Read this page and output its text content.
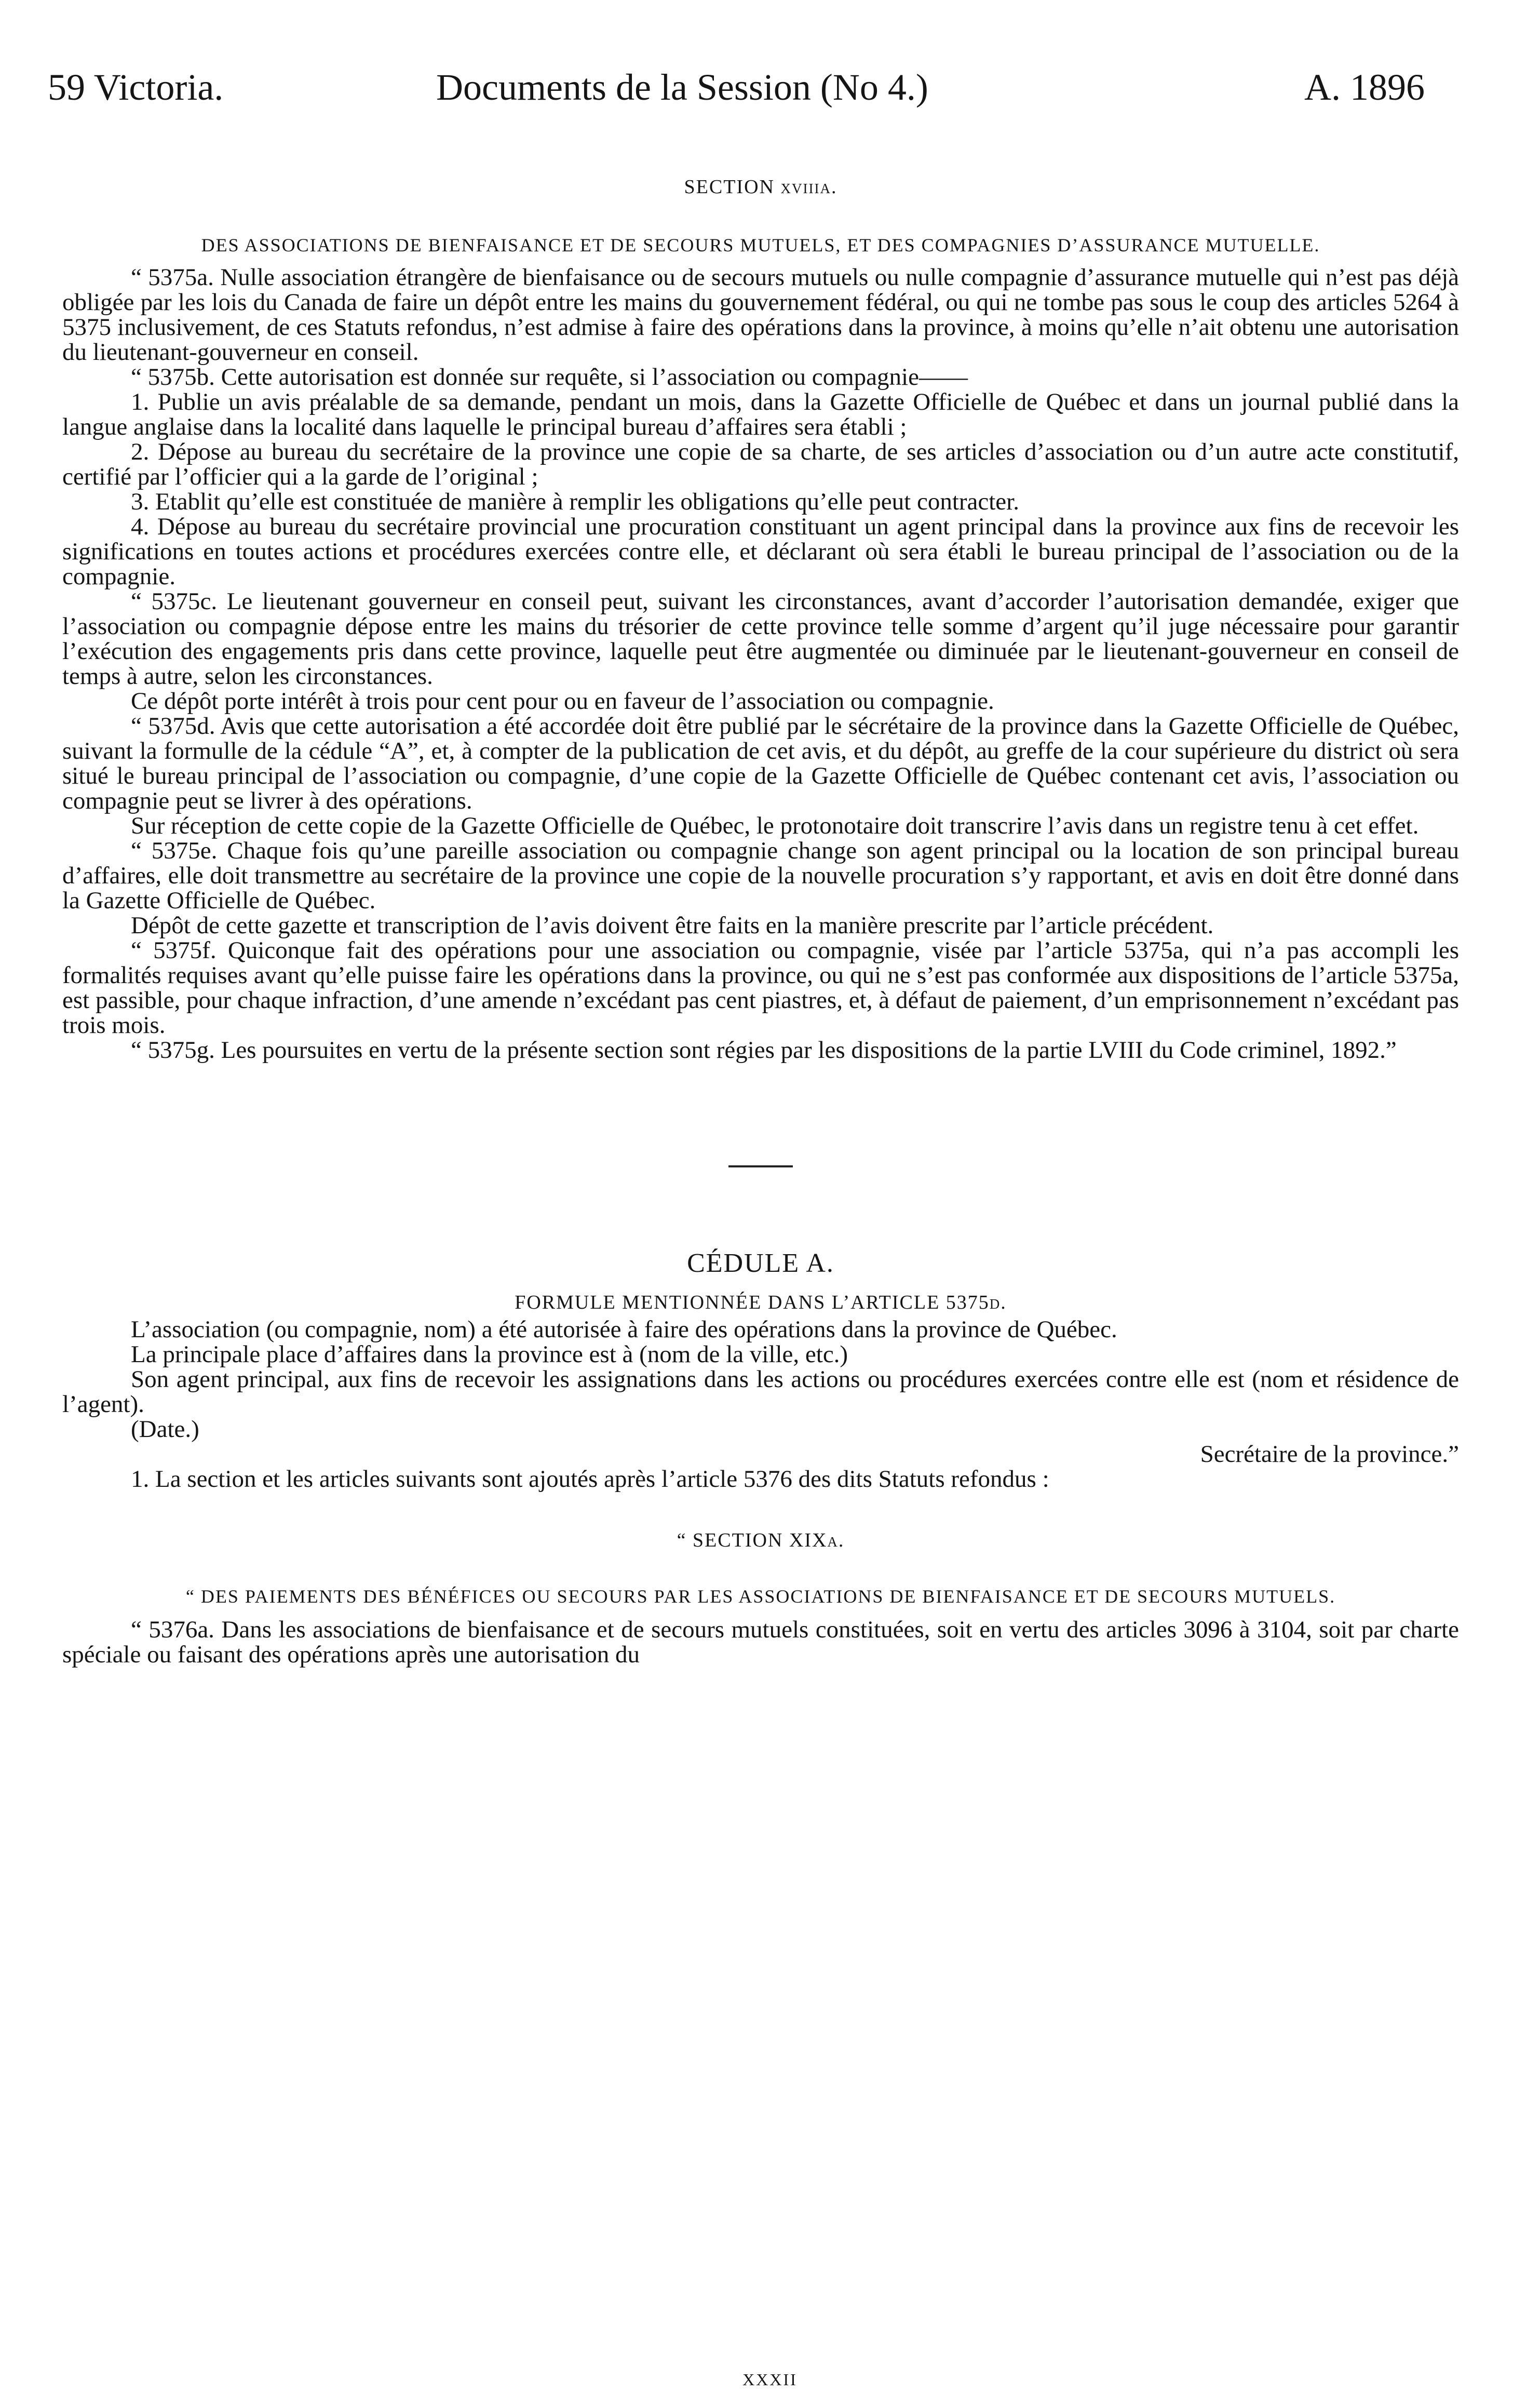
59 Victoria.	Documents de la Session (No 4.)	A. 1896
SECTION xviiia.
DES ASSOCIATIONS DE BIENFAISANCE ET DE SECOURS MUTUELS, ET DES COMPAGNIES D’ASSURANCE MUTUELLE.

“ 5375a. Nulle association étrangère de bienfaisance ou de secours mutuels ou nulle compagnie d’assurance mutuelle qui n’est pas déjà obligée par les lois du Canada de faire un dépôt entre les mains du gouvernement fédéral, ou qui ne tombe pas sous le coup des articles 5264 à 5375 inclusivement, de ces Statuts refondus, n’est admise à faire des opérations dans la province, à moins qu’elle n’ait obtenu une autorisation du lieutenant-gouverneur en conseil.

“ 5375b. Cette autorisation est donnée sur requête, si l’association ou compagnie——

1. Publie un avis préalable de sa demande, pendant un mois, dans la Gazette Officielle de Québec et dans un journal publié dans la langue anglaise dans la localité dans laquelle le principal bureau d’affaires sera établi ;

2. Dépose au bureau du secrétaire de la province une copie de sa charte, de ses articles d’association ou d’un autre acte constitutif, certifié par l’officier qui a la garde de l’original ;

3. Etablit qu’elle est constituée de manière à remplir les obligations qu’elle peut contracter.

4. Dépose au bureau du secrétaire provincial une procuration constituant un agent principal dans la province aux fins de recevoir les significations en toutes actions et procédures exercées contre elle, et déclarant où sera établi le bureau principal de l’association ou de la compagnie.

“ 5375c. Le lieutenant gouverneur en conseil peut, suivant les circonstances, avant d’accorder l’autorisation demandée, exiger que l’association ou compagnie dépose entre les mains du trésorier de cette province telle somme d’argent qu’il juge nécessaire pour garantir l’exécution des engagements pris dans cette province, laquelle peut être augmentée ou diminuée par le lieutenant-gouverneur en conseil de temps à autre, selon les circonstances.

Ce dépôt porte intérêt à trois pour cent pour ou en faveur de l’association ou compagnie.

“ 5375d. Avis que cette autorisation a été accordée doit être publié par le sécrétaire de la province dans la Gazette Officielle de Québec, suivant la formulle de la cédule “A”, et, à compter de la publication de cet avis, et du dépôt, au greffe de la cour supérieure du district où sera situé le bureau principal de l’association ou compagnie, d’une copie de la Gazette Officielle de Québec contenant cet avis, l’association ou compagnie peut se livrer à des opérations.

Sur réception de cette copie de la Gazette Officielle de Québec, le protonotaire doit transcrire l’avis dans un registre tenu à cet effet.

“ 5375e. Chaque fois qu’une pareille association ou compagnie change son agent principal ou la location de son principal bureau d’affaires, elle doit transmettre au secrétaire de la province une copie de la nouvelle procuration s’y rapportant, et avis en doit être donné dans la Gazette Officielle de Québec.

Dépôt de cette gazette et transcription de l’avis doivent être faits en la manière prescrite par l’article précédent.

“ 5375f. Quiconque fait des opérations pour une association ou compagnie, visée par l’article 5375a, qui n’a pas accompli les formalités requises avant qu’elle puisse faire les opérations dans la province, ou qui ne s’est pas conformée aux dispositions de l’article 5375a, est passible, pour chaque infraction, d’une amende n’excédant pas cent piastres, et, à défaut de paiement, d’un emprisonnement n’excédant pas trois mois.

“ 5375g. Les poursuites en vertu de la présente section sont régies par les dispositions de la partie LVIII du Code criminel, 1892.”

CÉDULE A.
FORMULE MENTIONNÉE DANS L’ARTICLE 5375d.

L’association (ou compagnie, nom) a été autorisée à faire des opérations dans la province de Québec.

La principale place d’affaires dans la province est à (nom de la ville, etc.)

Son agent principal, aux fins de recevoir les assignations dans les actions ou procédures exercées contre elle est (nom et résidence de l’agent).

(Date.)

Secrétaire de la province.”

1. La section et les articles suivants sont ajoutés après l’article 5376 des dits Statuts refondus :

“ SECTION XIXa.
“ DES PAIEMENTS DES BÉNÉFICES OU SECOURS PAR LES ASSOCIATIONS DE BIENFAISANCE ET DE SECOURS MUTUELS.

“ 5376a. Dans les associations de bienfaisance et de secours mutuels constituées, soit en vertu des articles 3096 à 3104, soit par charte spéciale ou faisant des opérations après une autorisation du

xxxii
